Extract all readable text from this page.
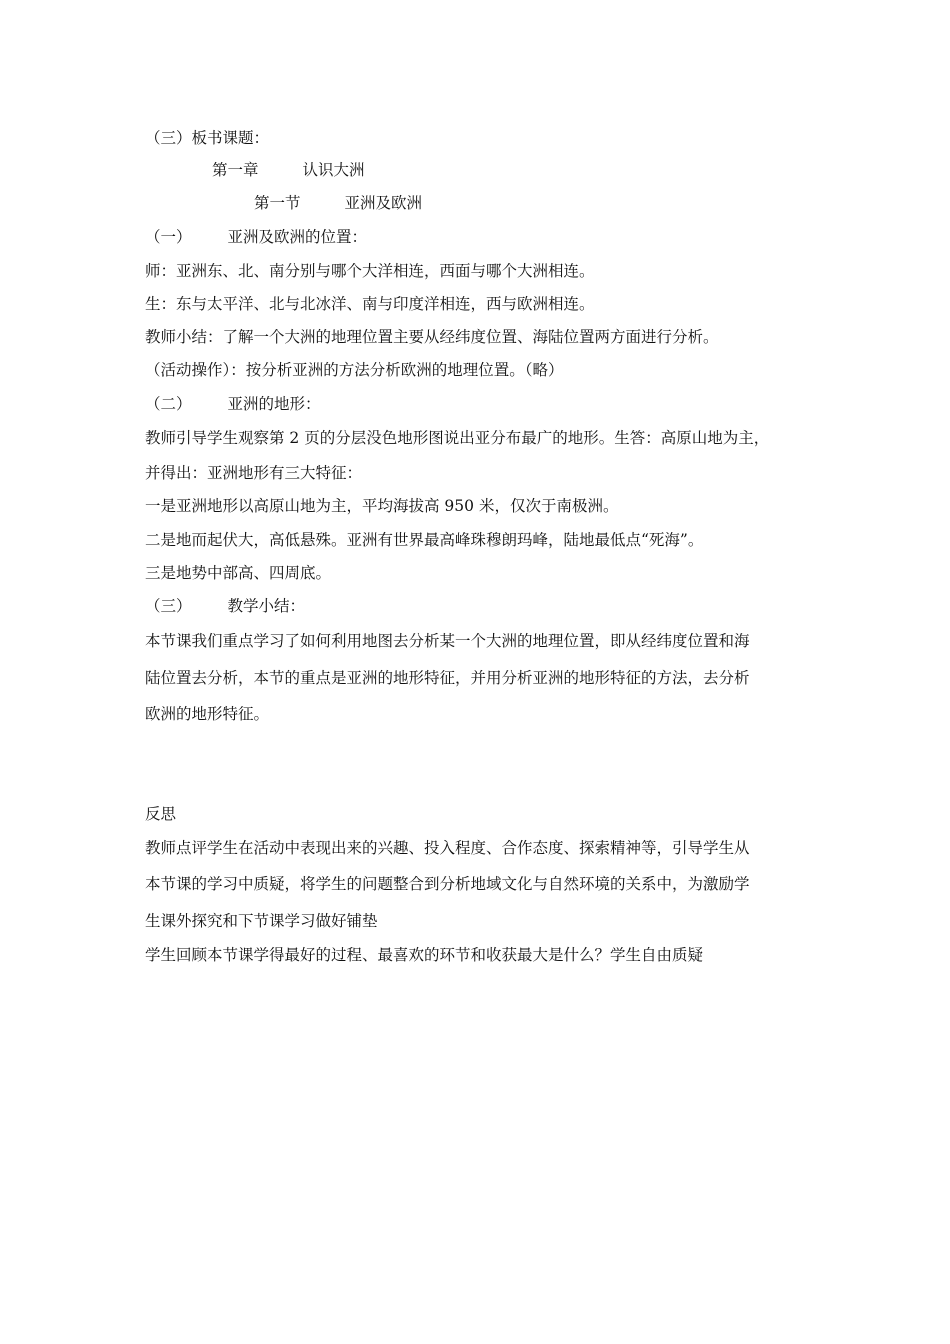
（三）板书课题：
第一章	认识大洲
第一节	亚洲及欧洲
（一） 亚洲及欧洲的位置：
师：亚洲东、北、南分别与哪个大洋相连，西面与哪个大洲相连。
生：东与太平洋、北与北冰洋、南与印度洋相连，西与欧洲相连。
教师小结：了解一个大洲的地理位置主要从经纬度位置、海陆位置两方面进行分析。
（活动操作）：按分析亚洲的方法分析欧洲的地理位置。（略）
（二） 亚洲的地形：
教师引导学生观察第 2 页的分层没色地形图说出亚分布最广的地形。生答：高原山地为主，
并得出：亚洲地形有三大特征：
一是亚洲地形以高原山地为主，平均海拔高 950 米，仅次于南极洲。
二是地而起伏大，高低悬殊。亚洲有世界最高峰珠穆朗玛峰，陆地最低点“死海”。
三是地势中部高、四周底。
（三） 教学小结：
本节课我们重点学习了如何利用地图去分析某一个大洲的地理位置，即从经纬度位置和海
陆位置去分析，本节的重点是亚洲的地形特征，并用分析亚洲的地形特征的方法，去分析
欧洲的地形特征。
反思
教师点评学生在活动中表现出来的兴趣、投入程度、合作态度、探索精神等，引导学生从
本节课的学习中质疑，将学生的问题整合到分析地域文化与自然环境的关系中，为激励学
生课外探究和下节课学习做好铺垫
学生回顾本节课学得最好的过程、最喜欢的环节和收获最大是什么？学生自由质疑
